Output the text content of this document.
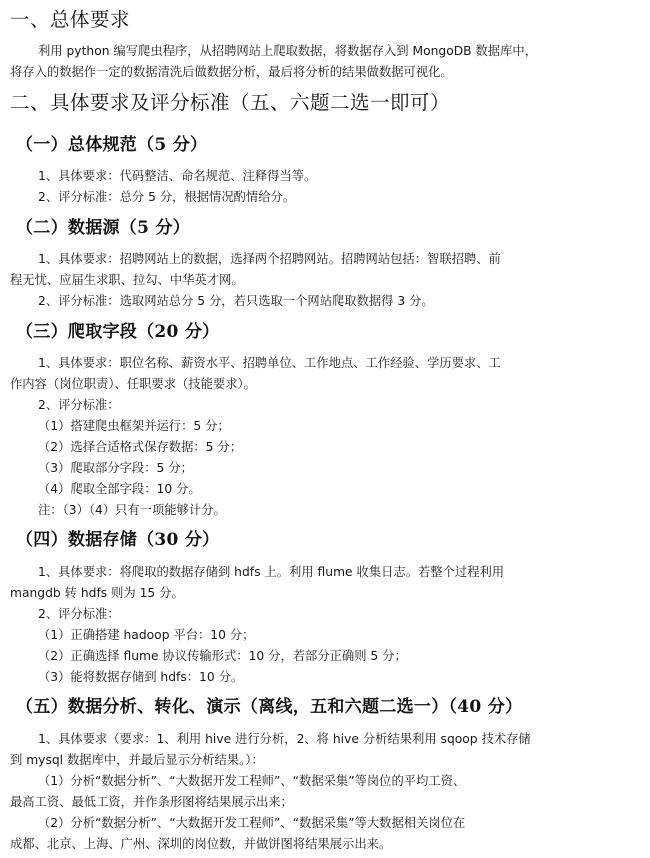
一、总体要求
利用 python 编写爬虫程序，从招聘网站上爬取数据，将数据存入到 MongoDB 数据库中，
将存入的数据作一定的数据清洗后做数据分析，最后将分析的结果做数据可视化。
二、具体要求及评分标准（五、六题二选一即可）
（一）总体规范（5 分）
1、具体要求：代码整洁、命名规范、注释得当等。
2、评分标准：总分 5 分，根据情况酌情给分。
（二）数据源（5 分）
1、具体要求：招聘网站上的数据，选择两个招聘网站。招聘网站包括：智联招聘、前
程无忧、应届生求职、拉勾、中华英才网。
2、评分标准：选取网站总分 5 分，若只选取一个网站爬取数据得 3 分。
（三）爬取字段（20 分）
1、具体要求：职位名称、薪资水平、招聘单位、工作地点、工作经验、学历要求、工
作内容（岗位职责）、任职要求（技能要求）。
2、评分标准：
（1）搭建爬虫框架并运行：5 分；
（2）选择合适格式保存数据：5 分；
（3）爬取部分字段：5 分；
（4）爬取全部字段：10 分。
注：（3）（4）只有一项能够计分。
（四）数据存储（30 分）
1、具体要求：将爬取的数据存储到 hdfs 上。利用 flume 收集日志。若整个过程利用
mangdb 转 hdfs 则为 15 分。
2、评分标准：
（1）正确搭建 hadoop 平台：10 分；
（2）正确选择 flume 协议传输形式：10 分，若部分正确则 5 分；
（3）能将数据存储到 hdfs：10 分。
（五）数据分析、转化、演示（离线，五和六题二选一）（40 分）
1、具体要求（要求：1、利用 hive 进行分析，2、将 hive 分析结果利用 sqoop 技术存储
到 mysql 数据库中，并最后显示分析结果。）：
（1）分析“数据分析”、“大数据开发工程师”、“数据采集”等岗位的平均工资、
最高工资、最低工资，并作条形图将结果展示出来；
（2）分析“数据分析”、“大数据开发工程师”、“数据采集”等大数据相关岗位在
成都、北京、上海、广州、深圳的岗位数，并做饼图将结果展示出来。
